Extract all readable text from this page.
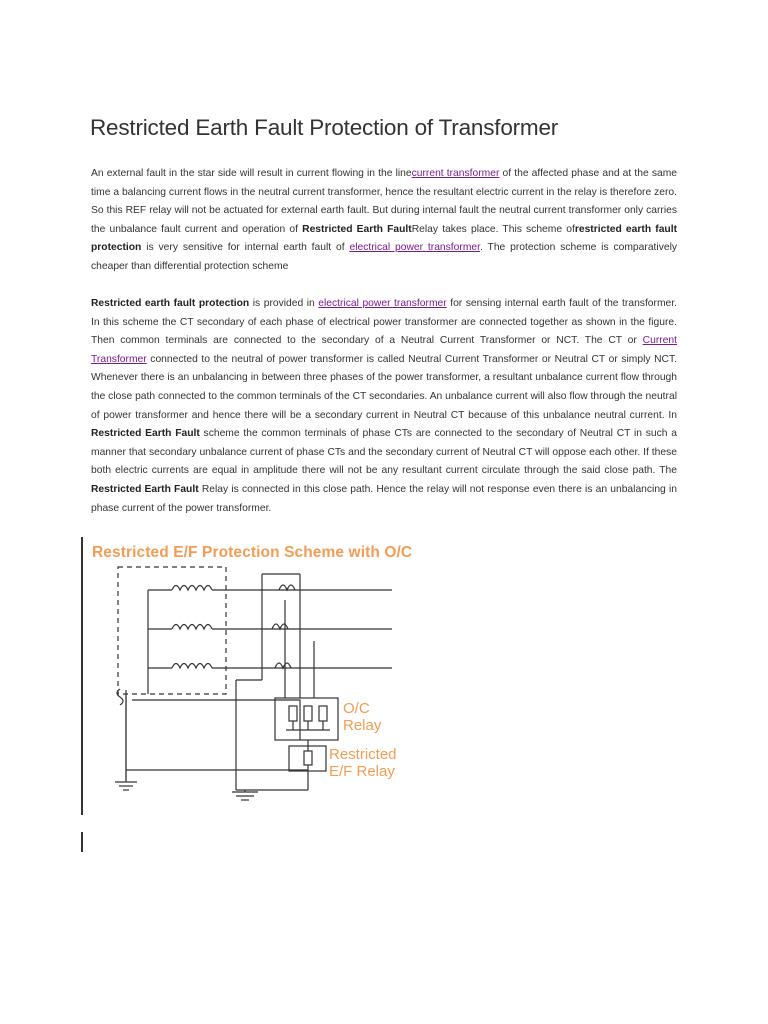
Restricted Earth Fault Protection of Transformer

An external fault in the star side will result in current flowing in the linecurrent transformer of the affected phase and at the same time a balancing current flows in the neutral current transformer, hence the resultant electric current in the relay is therefore zero. So this REF relay will not be actuated for external earth fault. But during internal fault the neutral current transformer only carries the unbalance fault current and operation of Restricted Earth FaultRelay takes place. This scheme ofrestricted earth fault protection is very sensitive for internal earth fault of electrical power transformer. The protection scheme is comparatively cheaper than differential protection scheme

Restricted earth fault protection is provided in electrical power transformer for sensing internal earth fault of the transformer. In this scheme the CT secondary of each phase of electrical power transformer are connected together as shown in the figure. Then common terminals are connected to the secondary of a Neutral Current Transformer or NCT. The CT or Current Transformer connected to the neutral of power transformer is called Neutral Current Transformer or Neutral CT or simply NCT. Whenever there is an unbalancing in between three phases of the power transformer, a resultant unbalance current flow through the close path connected to the common terminals of the CT secondaries. An unbalance current will also flow through the neutral of power transformer and hence there will be a secondary current in Neutral CT because of this unbalance neutral current. In Restricted Earth Fault scheme the common terminals of phase CTs are connected to the secondary of Neutral CT in such a manner that secondary unbalance current of phase CTs and the secondary current of Neutral CT will oppose each other. If these both electric currents are equal in amplitude there will not be any resultant current circulate through the said close path. The Restricted Earth Fault Relay is connected in this close path. Hence the relay will not response even there is an unbalancing in phase current of the power transformer.

Restricted E/F Protection Scheme with O/C
O/C
Relay
Restricted
E/F Relay
